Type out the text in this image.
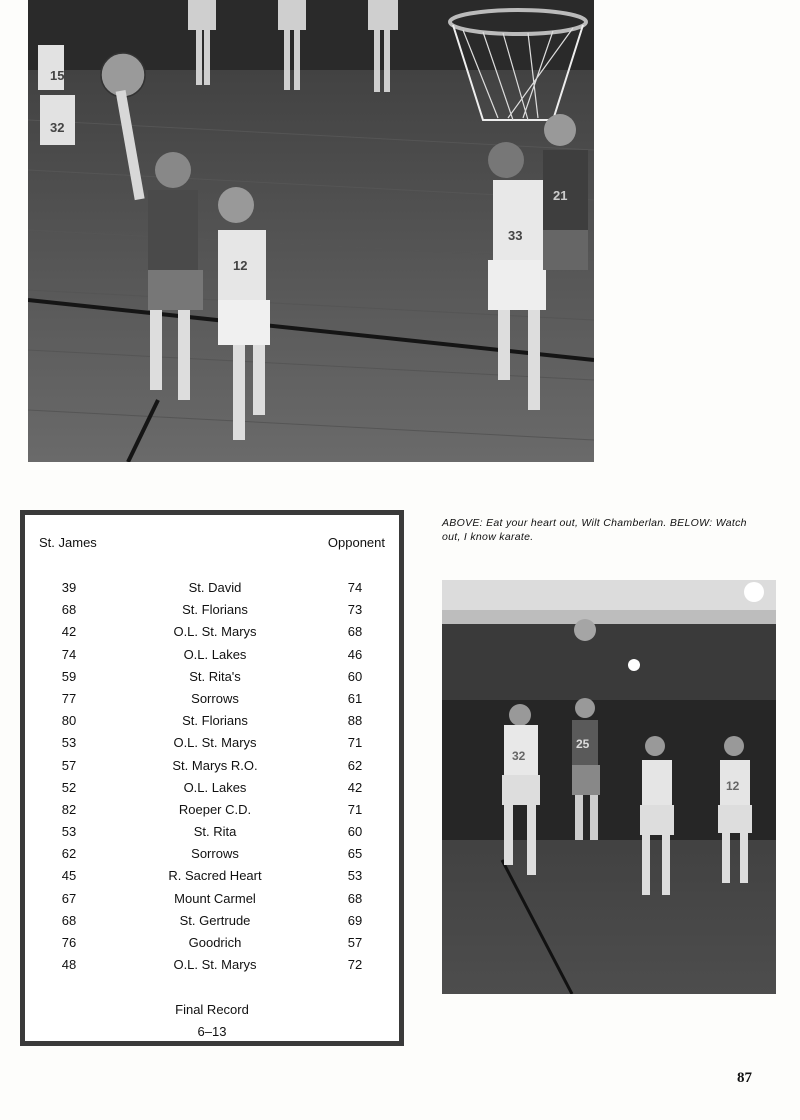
15
32
12
33
21
St. James	Opponent
39	St. David	74
68	St. Florians	73
42	O.L. St. Marys	68
74	O.L. Lakes	46
59	St. Rita's	60
77	Sorrows	61
80	St. Florians	88
53	O.L. St. Marys	71
57	St. Marys R.O.	62
52	O.L. Lakes	42
82	Roeper C.D.	71
53	St. Rita	60
62	Sorrows	65
45	R. Sacred Heart	53
67	Mount Carmel	68
68	St. Gertrude	69
76	Goodrich	57
48	O.L. St. Marys	72
Final Record
6–13
ABOVE: Eat your heart out, Wilt Chamberlan. BELOW: Watch out, I know karate.
32
25
12
87
